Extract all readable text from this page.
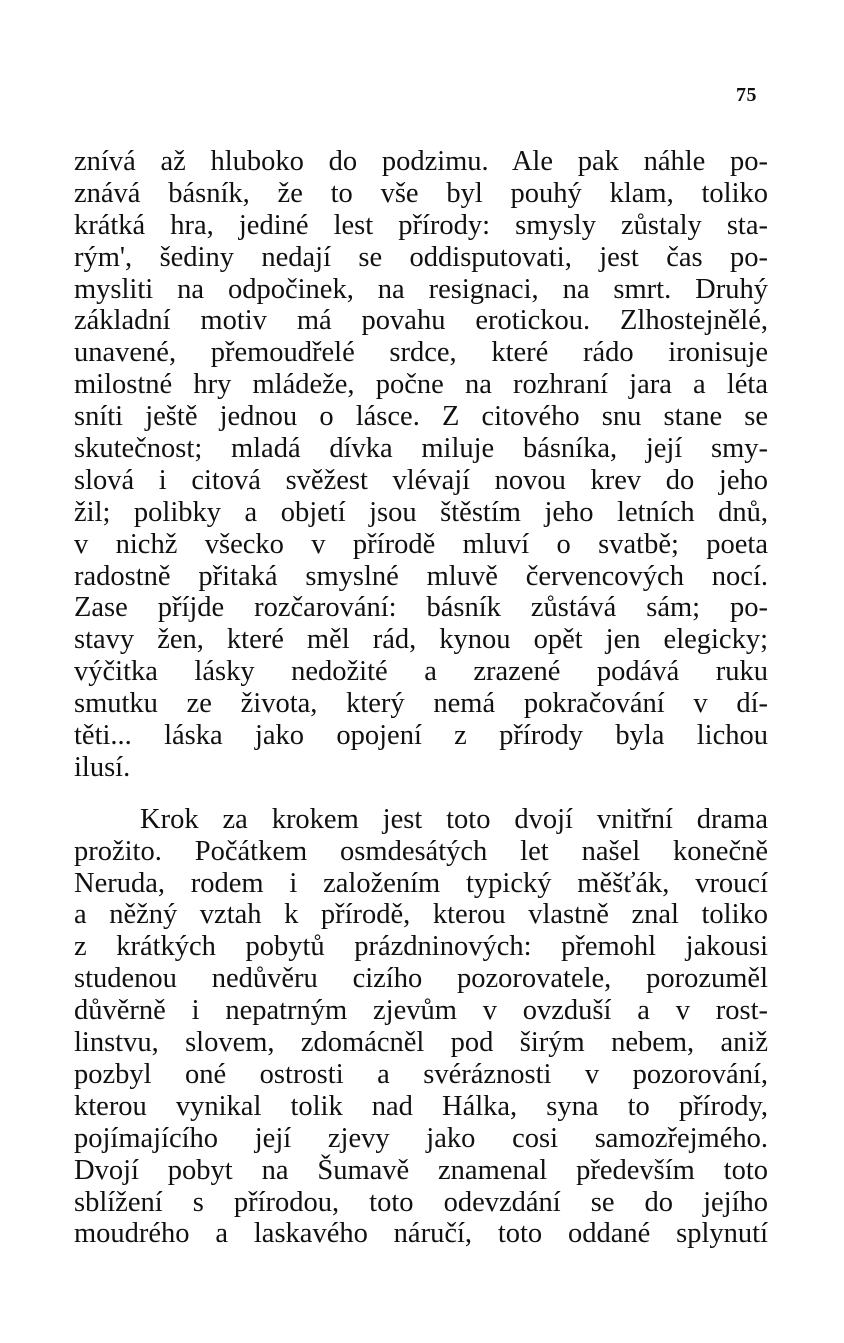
75
znívá až hluboko do podzimu. Ale pak náhle po-
znává básník, že to vše byl pouhý klam, toliko
krátká hra, jediné lest přírody: smysly zůstaly sta-
rým', šediny nedají se oddisputovati, jest čas po-
mysliti na odpočinek, na resignaci, na smrt. Druhý
základní motiv má povahu erotickou. Zlhostejnělé,
unavené, přemoudřelé srdce, které rádo ironisuje
milostné hry mládeže, počne na rozhraní jara a léta
sníti ještě jednou o lásce. Z citového snu stane se
skutečnost; mladá dívka miluje básníka, její smy-
slová i citová svěžest vlévají novou krev do jeho
žil; polibky a objetí jsou štěstím jeho letních dnů,
v nichž všecko v přírodě mluví o svatbě; poeta
radostně přitaká smyslné mluvě červencových nocí.
Zase příjde rozčarování: básník zůstává sám; po-
stavy žen, které měl rád, kynou opět jen elegicky;
výčitka lásky nedožité a zrazené podává ruku
smutku ze života, který nemá pokračování v dí-
těti... láska jako opojení z přírody byla lichou
ilusí.
Krok za krokem jest toto dvojí vnitřní drama
prožito. Počátkem osmdesátých let našel konečně
Neruda, rodem i založením typický měšťák, vroucí
a něžný vztah k přírodě, kterou vlastně znal toliko
z krátkých pobytů prázdninových: přemohl jakousi
studenou nedůvěru cizího pozorovatele, porozuměl
důvěrně i nepatrným zjevům v ovzduší a v rost-
linstvu, slovem, zdomácněl pod širým nebem, aniž
pozbyl oné ostrosti a svéráznosti v pozorování,
kterou vynikal tolik nad Hálka, syna to přírody,
pojímajícího její zjevy jako cosi samozřejmého.
Dvojí pobyt na Šumavě znamenal především toto
sblížení s přírodou, toto odevzdání se do jejího
moudrého a laskavého náručí, toto oddané splynutí
